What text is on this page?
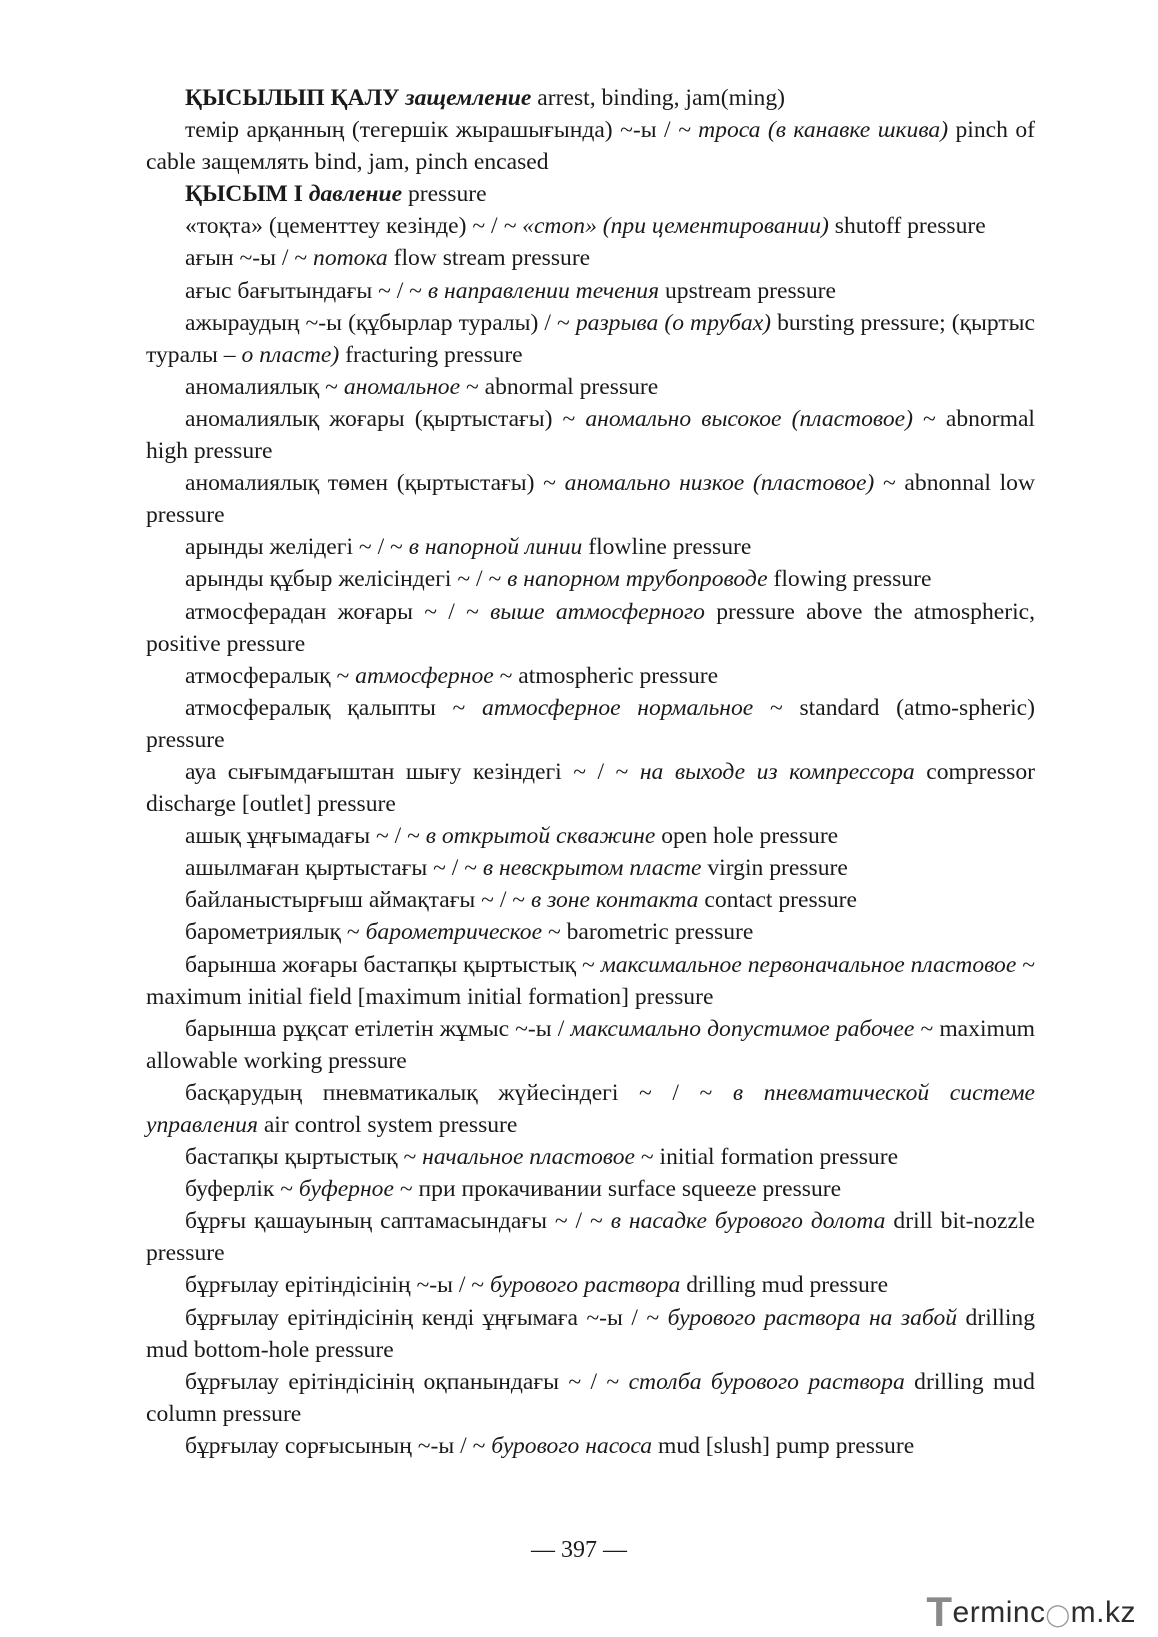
ҚЫСЫЛЫП ҚАЛУ защемление arrest, binding, jam(ming)

темір арқанның (тегершік жырашығында) ~-ы / ~ троса (в канавке шкива) pinch of cable защемлять bind, jam, pinch encased

ҚЫСЫМ I давление pressure

«тоқта» (цементтеу кезінде) ~ / ~ «стоп» (при цементировании) shutoff pressure

ағын ~-ы / ~ потока flow stream pressure

ағыс бағытындағы ~ / ~ в направлении течения upstream pressure

ажыраудың ~-ы (құбырлар туралы) / ~ разрыва (о трубах) bursting pressure; (қыртыс туралы – о пласте) fracturing pressure

аномалиялық ~ аномальное ~ abnormal pressure

аномалиялық жоғары (қыртыстағы) ~ аномально высокое (пластовое) ~ abnormal high pressure

аномалиялық төмен (қыртыстағы) ~ аномально низкое (пластовое) ~ abnonnal low pressure

арынды желідегі ~ / ~ в напорной линии flowline pressure

арынды құбыр желісіндегі ~ / ~ в напорном трубопроводе flowing pressure

атмосферадан жоғары ~ / ~ выше атмосферного pressure above the atmospheric, positive pressure

атмосфералық ~ атмосферное ~ atmospheric pressure

атмосфералық қалыпты ~ атмосферное нормальное ~ standard (atmo-spheric) pressure

ауа сығымдағыштан шығу кезіндегі ~ / ~ на выходе из компрессора compressor discharge [outlet] pressure

ашық ұңғымадағы ~ / ~ в открытой скважине open hole pressure

ашылмаған қыртыстағы ~ / ~ в невскрытом пласте virgin pressure

байланыстырғыш аймақтағы ~ / ~ в зоне контакта contact pressure

барометриялық ~ барометрическое ~ barometric pressure

барынша жоғары бастапқы қыртыстық ~ максимальное первоначальное пластовое ~ maximum initial field [maximum initial formation] pressure

барынша рұқсат етілетін жұмыс ~-ы / максимально допустимое рабочее ~ maximum allowable working pressure

басқарудың пневматикалық жүйесіндегі ~ / ~ в пневматической системе управления air control system pressure

бастапқы қыртыстық ~ начальное пластовое ~ initial formation pressure

буферлік ~ буферное ~ при прокачивании surface squeeze pressure

бұрғы қашауының саптамасындағы ~ / ~ в насадке бурового долота drill bit-nozzle pressure

бұрғылау ерітіндісінің ~-ы / ~ бурового раствора drilling mud pressure

бұрғылау ерітіндісінің кенді ұңғымаға ~-ы / ~ бурового раствора на забой drilling mud bottom-hole pressure

бұрғылау ерітіндісінің оқпанындағы ~ / ~ столба бурового раствора drilling mud column pressure

бұрғылау сорғысының ~-ы / ~ бурового насоса mud [slush] pump pressure

— 397 —
Terminc◯m.kz
